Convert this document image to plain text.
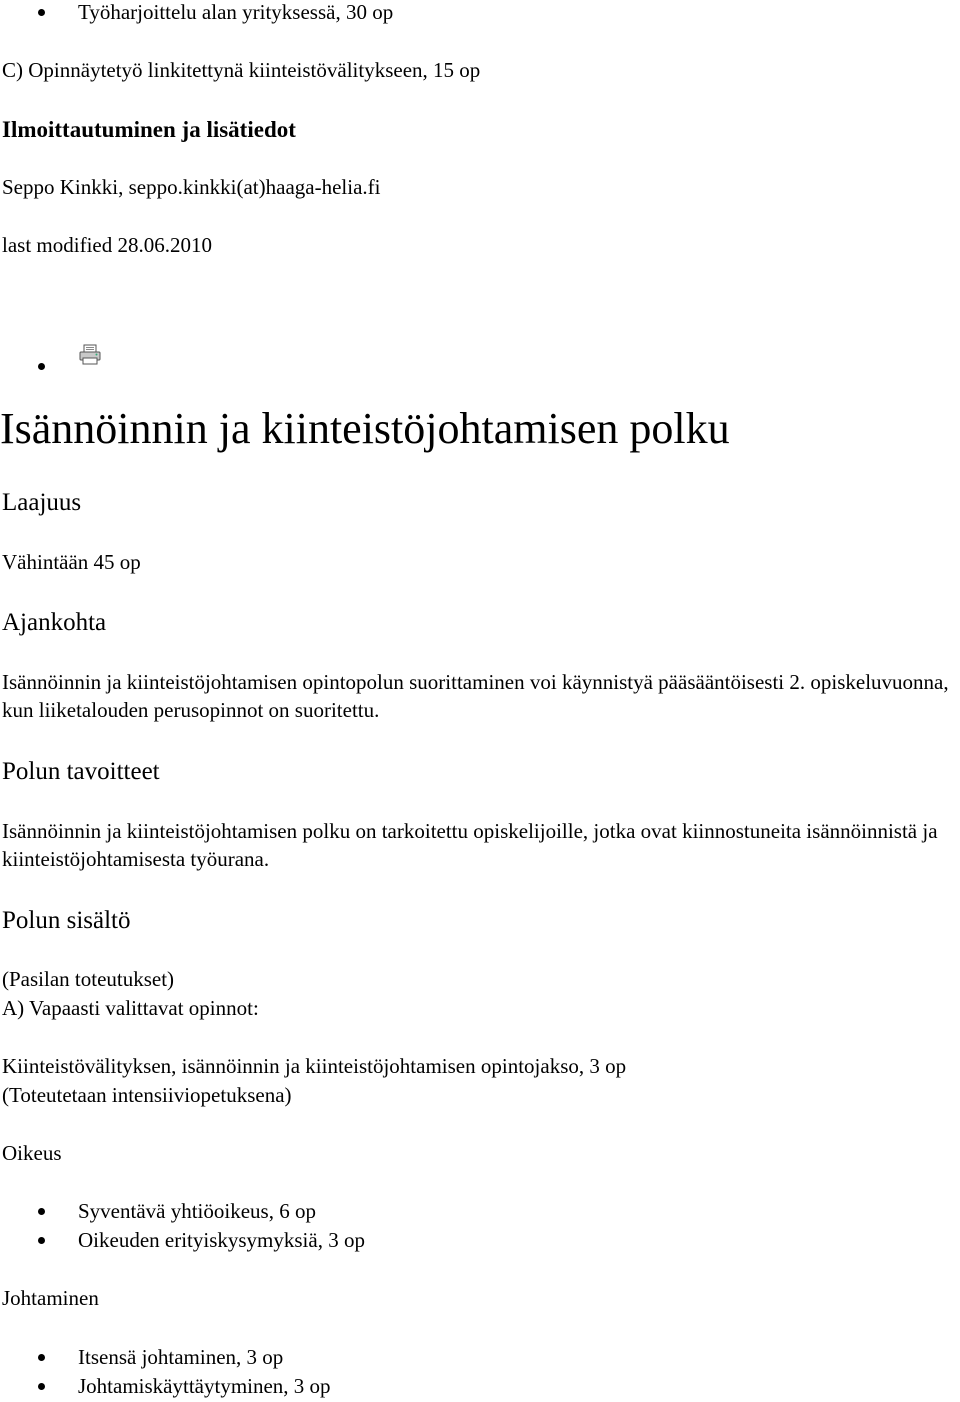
Työharjoittelu alan yrityksessä, 30 op
C) Opinnäytetyö linkitettynä kiinteistövälitykseen, 15 op
Ilmoittautuminen ja lisätiedot
Seppo Kinkki, seppo.kinkki(at)haaga-helia.fi
last modified 28.06.2010
Isännöinnin ja kiinteistöjohtamisen polku
Laajuus
Vähintään 45 op
Ajankohta
Isännöinnin ja kiinteistöjohtamisen opintopolun suorittaminen voi käynnistyä pääsääntöisesti 2. opiskeluvuonna, kun liiketalouden perusopinnot on suoritettu.
Polun tavoitteet
Isännöinnin ja kiinteistöjohtamisen polku on tarkoitettu opiskelijoille, jotka ovat kiinnostuneita isännöinnistä ja kiinteistöjohtamisesta työurana.
Polun sisältö
(Pasilan toteutukset)
A) Vapaasti valittavat opinnot:
Kiinteistövälityksen, isännöinnin ja kiinteistöjohtamisen opintojakso, 3 op
(Toteutetaan intensiiviopetuksena)
Oikeus
Syventävä yhtiöoikeus, 6 op
Oikeuden erityiskysymyksiä, 3 op
Johtaminen
Itsensä johtaminen, 3 op
Johtamiskäyttäytyminen, 3 op
